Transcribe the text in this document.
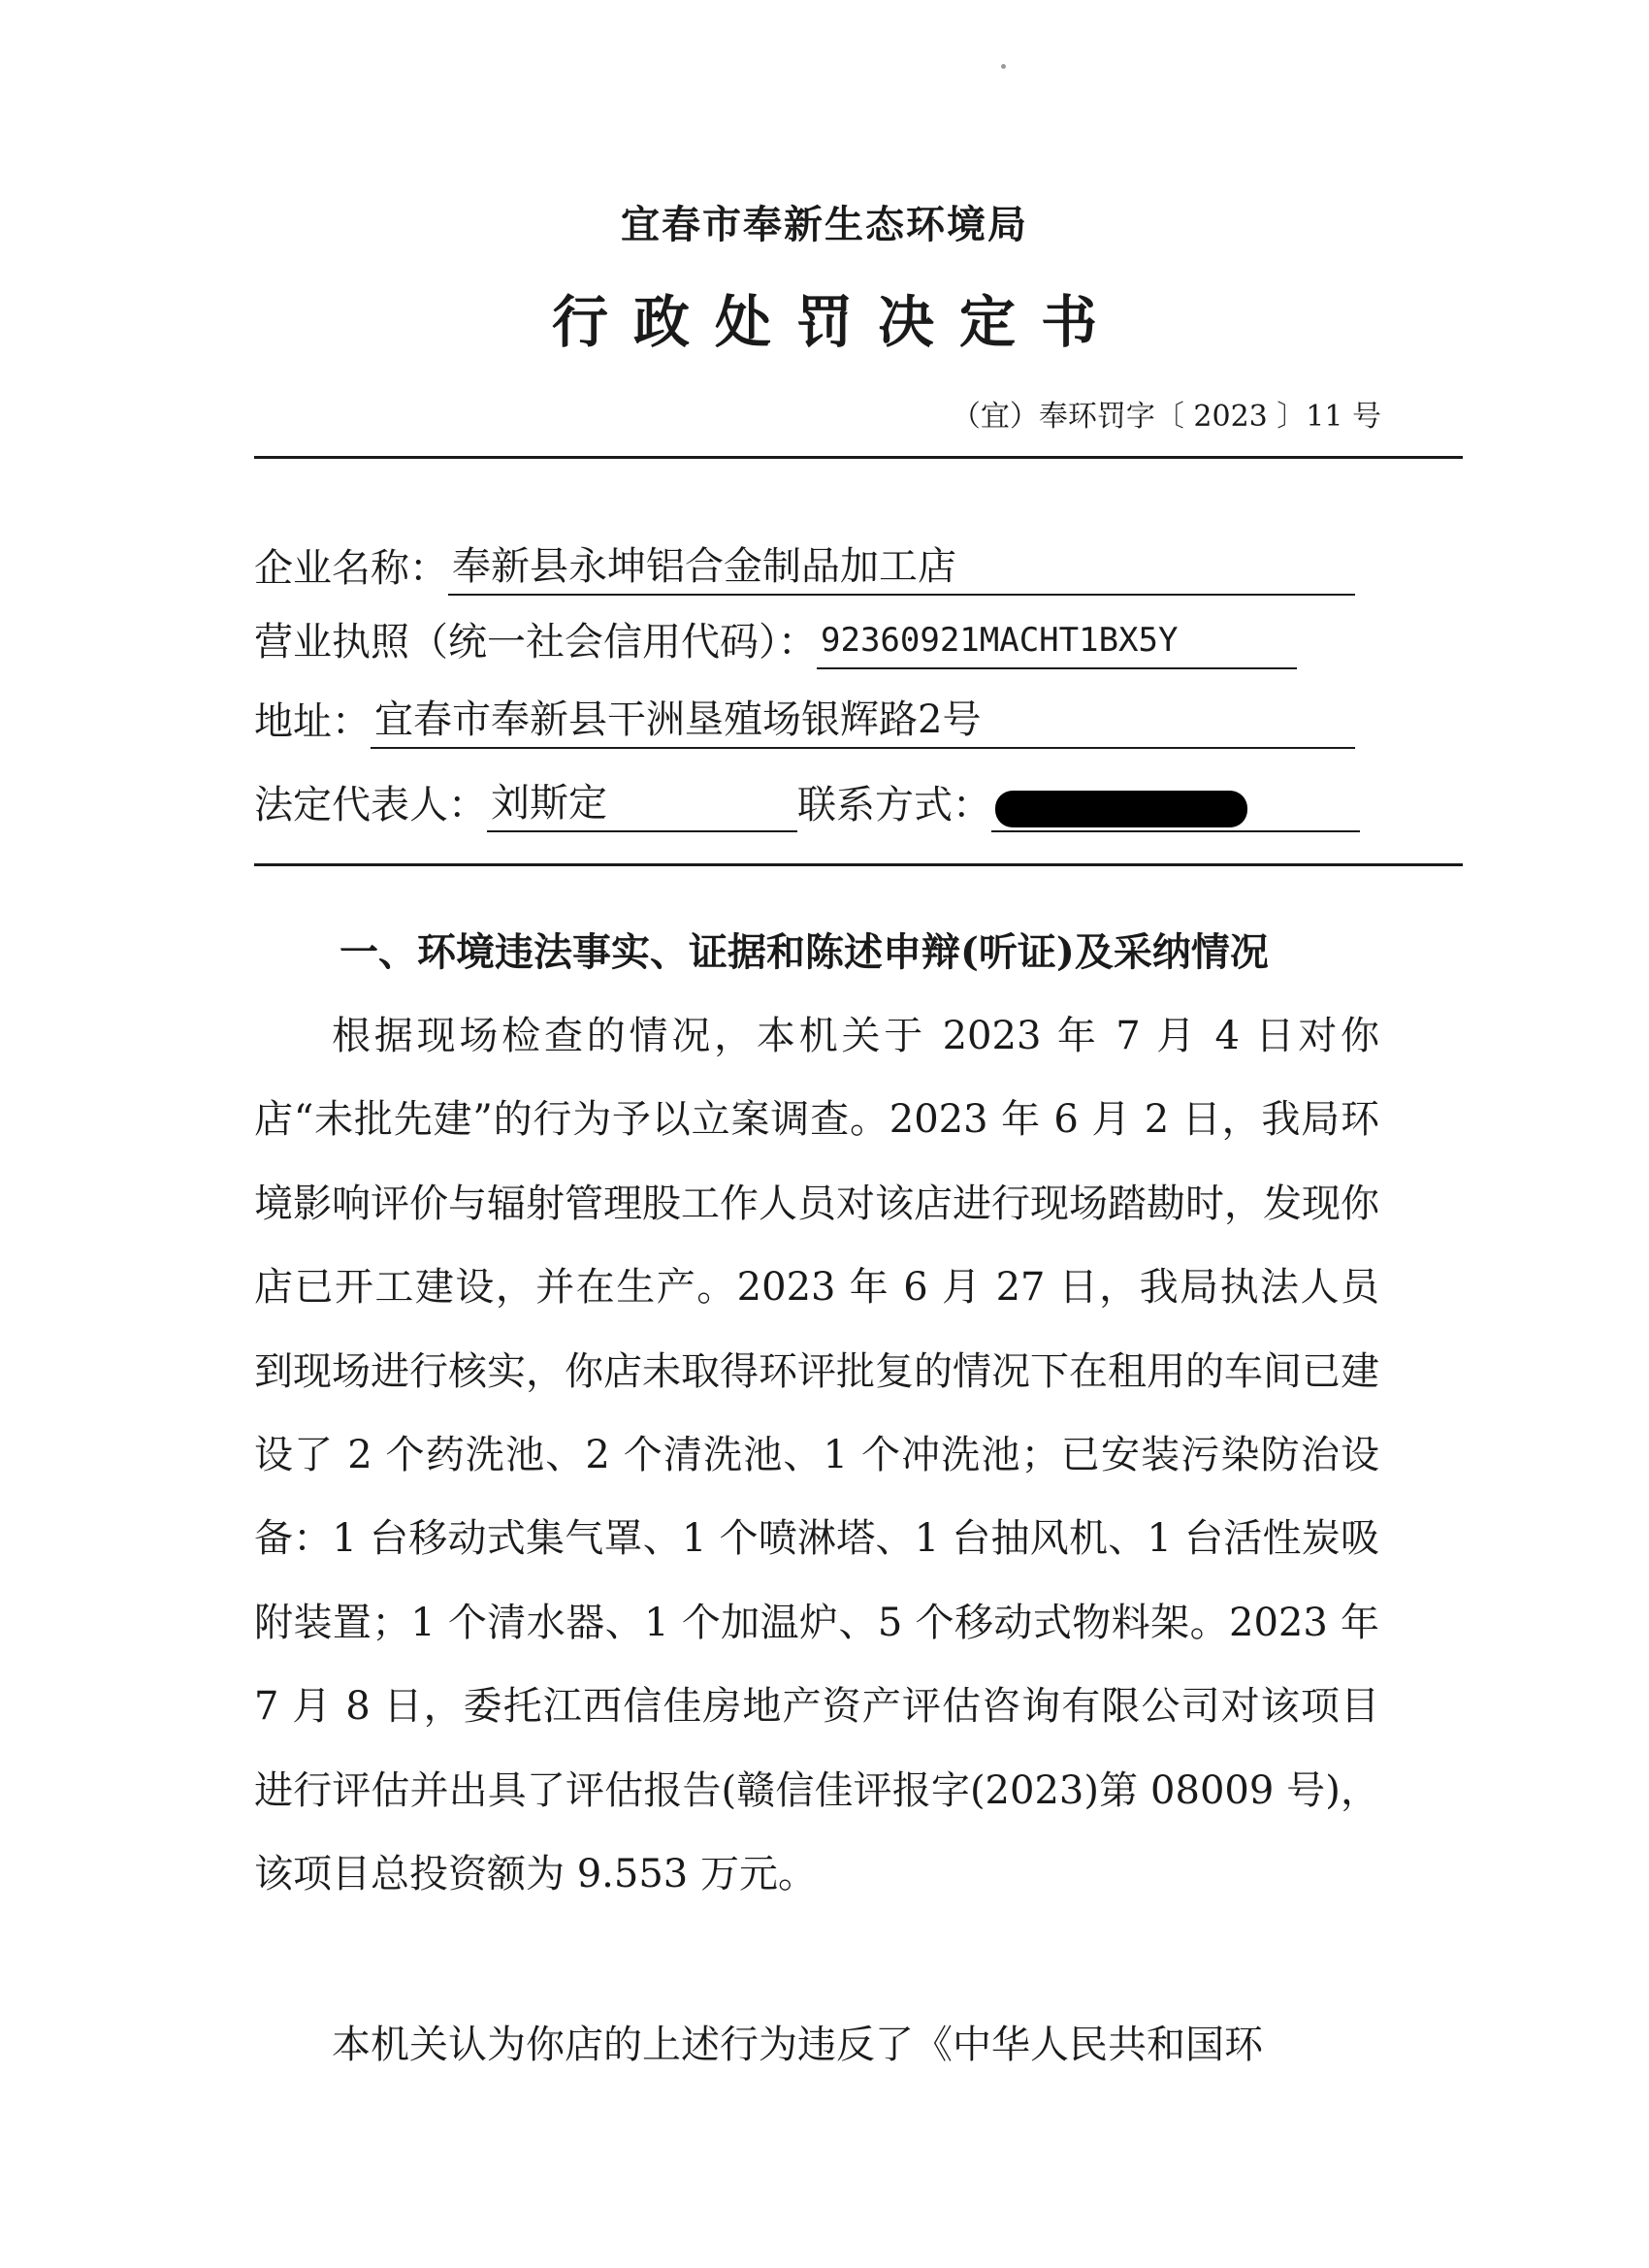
宜春市奉新生态环境局
行政处罚决定书
（宜）奉环罚字〔 2023 〕11 号
企业名称： 奉新县永坤铝合金制品加工店
营业执照（统一社会信用代码）： 92360921MACHT1BX5Y
地址： 宜春市奉新县干洲垦殖场银辉路2号
法定代表人： 刘斯定	联系方式：
一、环境违法事实、证据和陈述申辩(听证)及采纳情况
根据现场检查的情况，本机关于 2023 年 7 月 4 日对你店“未批先建”的行为予以立案调查。2023 年 6 月 2 日，我局环境影响评价与辐射管理股工作人员对该店进行现场踏勘时，发现你店已开工建设，并在生产。2023 年 6 月 27 日，我局执法人员到现场进行核实，你店未取得环评批复的情况下在租用的车间已建设了 2 个药洗池、2 个清洗池、1 个冲洗池；已安装污染防治设备：1 台移动式集气罩、1 个喷淋塔、1 台抽风机、1 台活性炭吸附装置；1 个清水器、1 个加温炉、5 个移动式物料架。2023 年 7 月 8 日，委托江西信佳房地产资产评估咨询有限公司对该项目进行评估并出具了评估报告(赣信佳评报字(2023)第 08009 号)，该项目总投资额为 9.553 万元。
本机关认为你店的上述行为违反了《中华人民共和国环
